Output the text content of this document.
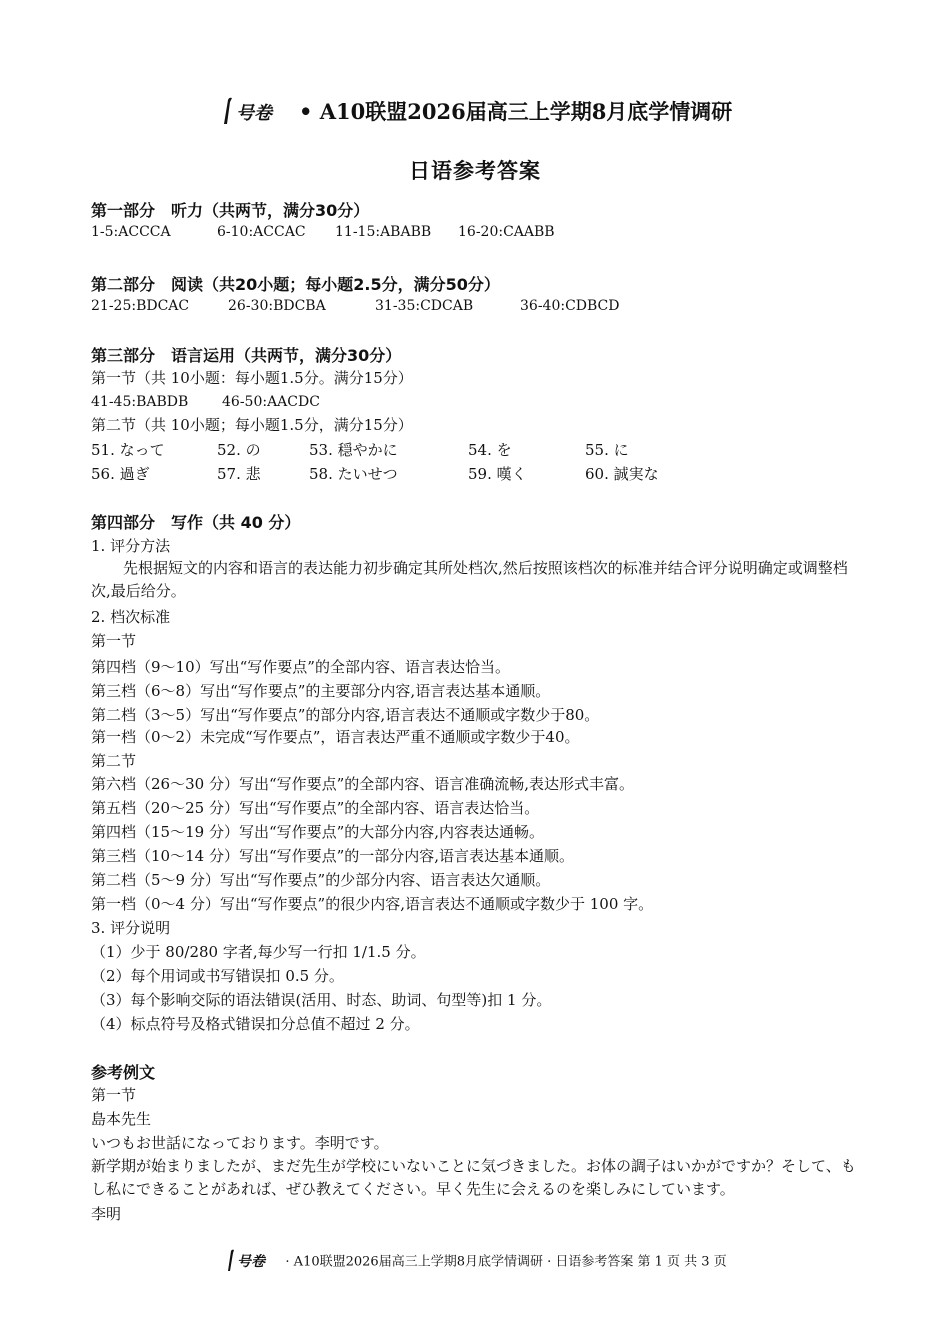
号卷 • A10联盟2026届高三上学期8月底学情调研
日语参考答案
第一部分　听力（共两节，满分30分）
1-5:ACCCA	6-10:ACCAC 11-15:ABABB 16-20:CAABB
第二部分　阅读（共20小题；每小题2.5分，满分50分）
21-25:BDCAC	26-30:BDCBA	31-35:CDCAB	36-40:CDBCD
第三部分　语言运用（共两节，满分30分）
第一节（共 10小题：每小题1.5分。满分15分）
41-45:BABDB 46-50:AACDC
第二节（共 10小题；每小题1.5分，满分15分）
51. なって	52. の	53. 穏やかに	54. を	55. に
56. 過ぎ	57. 悲	58. たいせつ	59. 嘆く	60. 誠実な
第四部分　写作（共 40 分）
1. 评分方法
先根据短文的内容和语言的表达能力初步确定其所处档次,然后按照该档次的标准并结合评分说明确定或调整档次,最后给分。
2. 档次标准
第一节
第四档（9～10）写出“写作要点”的全部内容、语言表达恰当。
第三档（6～8）写出“写作要点”的主要部分内容,语言表达基本通顺。
第二档（3～5）写出“写作要点”的部分内容,语言表达不通顺或字数少于80。
第一档（0～2）未完成“写作要点”，语言表达严重不通顺或字数少于40。
第二节
第六档（26～30 分）写出“写作要点”的全部内容、语言准确流畅,表达形式丰富。
第五档（20～25 分）写出“写作要点”的全部内容、语言表达恰当。
第四档（15～19 分）写出“写作要点”的大部分内容,内容表达通畅。
第三档（10～14 分）写出“写作要点”的一部分内容,语言表达基本通顺。
第二档（5～9 分）写出“写作要点”的少部分内容、语言表达欠通顺。
第一档（0～4 分）写出“写作要点”的很少内容,语言表达不通顺或字数少于 100 字。
3. 评分说明
（1）少于 80/280 字者,每少写一行扣 1/1.5 分。
（2）每个用词或书写错误扣 0.5 分。
（3）每个影响交际的语法错误(活用、时态、助词、句型等)扣 1 分。
（4）标点符号及格式错误扣分总值不超过 2 分。
参考例文
第一节
島本先生
いつもお世話になっております。李明です。
新学期が始まりましたが、まだ先生が学校にいないことに気づきました。お体の調子はいかがですか？そして、もし私にできることがあれば、ぜひ教えてください。早く先生に会えるのを楽しみにしています。
李明
号卷 · A10联盟2026届高三上学期8月底学情调研 · 日语参考答案 第 1 页 共 3 页
